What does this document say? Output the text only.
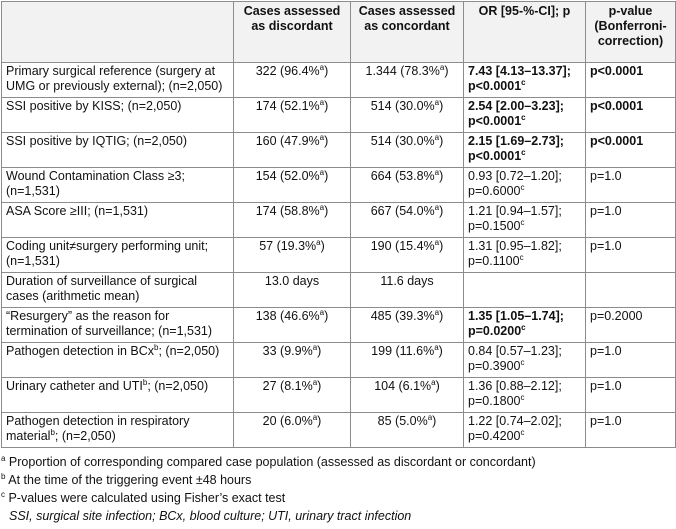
	Cases assessed as discordant	Cases assessed as concordant	OR [95-%-CI]; p	p-value (Bonferroni-correction)
Primary surgical reference (surgery at UMG or previously external); (n=2,050)	322 (96.4%$^a$)	1.344 (78.3%$^a$)	7.43 [4.13–13.37]; p<0.0001$^c$	p<0.0001
SSI positive by KISS; (n=2,050)	174 (52.1%$^a$)	514 (30.0%$^a$)	2.54 [2.00–3.23]; p<0.0001$^c$	p<0.0001
SSI positive by IQTIG; (n=2,050)	160 (47.9%$^a$)	514 (30.0%$^a$)	2.15 [1.69–2.73]; p<0.0001$^c$	p<0.0001
Wound Contamination Class ≥3; (n=1,531)	154 (52.0%$^a$)	664 (53.8%$^a$)	0.93 [0.72–1.20]; p=0.6000$^c$	p=1.0
ASA Score ≥III; (n=1,531)	174 (58.8%$^a$)	667 (54.0%$^a$)	1.21 [0.94–1.57]; p=0.1500$^c$	p=1.0
Coding unit≠surgery performing unit; (n=1,531)	57 (19.3%$^a$)	190 (15.4%$^a$)	1.31 [0.95–1.82]; p=0.1100$^c$	p=1.0
Duration of surveillance of surgical cases (arithmetic mean)	13.0 days	11.6 days		
“Resurgery” as the reason for termination of surveillance; (n=1,531)	138 (46.6%$^a$)	485 (39.3%$^a$)	1.35 [1.05–1.74]; p=0.0200$^c$	p=0.2000
Pathogen detection in BCx$^b$; (n=2,050)	33 (9.9%$^a$)	199 (11.6%$^a$)	0.84 [0.57–1.23]; p=0.3900$^c$	p=1.0
Urinary catheter and UTI$^b$; (n=2,050)	27 (8.1%$^a$)	104 (6.1%$^a$)	1.36 [0.88–2.12]; p=0.1800$^c$	p=1.0
Pathogen detection in respiratory material$^b$; (n=2,050)	20 (6.0%$^a$)	85 (5.0%$^a$)	1.22 [0.74–2.02]; p=0.4200$^c$	p=1.0
$^a$ Proportion of corresponding compared case population (assessed as discordant or concordant)
$^b$ At the time of the triggering event ±48 hours
$^c$ P-values were calculated using Fisher’s exact test
SSI, surgical site infection; BCx, blood culture; UTI, urinary tract infection
